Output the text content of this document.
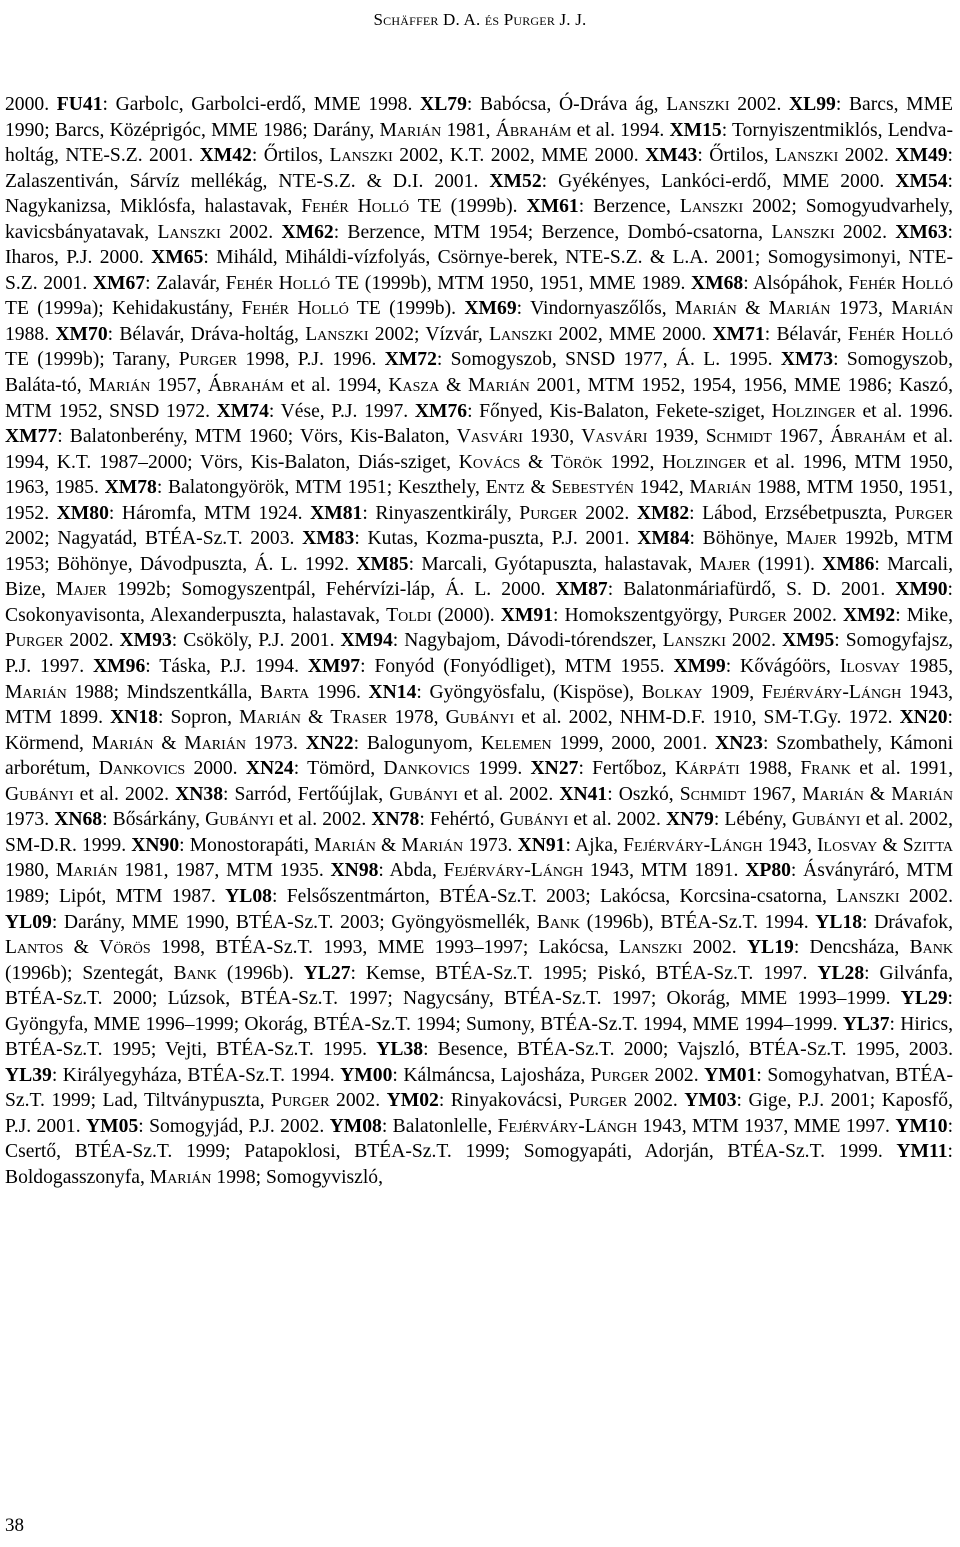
Schäffer D. A. és Purger J. J.
2000. FU41: Garbolc, Garbolci-erdő, MME 1998. XL79: Babócsa, Ó-Dráva ág, Lanszki 2002. XL99: Barcs, MME 1990; Barcs, Középrigóc, MME 1986; Darány, Marián 1981, Ábrahám et al. 1994. XM15: Tornyiszentmiklós, Lendva-holtág, NTE-S.Z. 2001. XM42: Őrtilos, Lanszki 2002, K.T. 2002, MME 2000. XM43: Őrtilos, Lanszki 2002. XM49: Zalaszentiván, Sárvíz mellékág, NTE-S.Z. & D.I. 2001. XM52: Gyékényes, Lankóci-erdő, MME 2000. XM54: Nagykanizsa, Miklósfa, halastavak, Fehér Holló TE (1999b). XM61: Berzence, Lanszki 2002; Somogyudvarhely, kavicsbányatavak, Lanszki 2002. XM62: Berzence, MTM 1954; Berzence, Dombó-csatorna, Lanszki 2002. XM63: Iharos, P.J. 2000. XM65: Miháld, Miháldi-vízfolyás, Csörnye-berek, NTE-S.Z. & L.A. 2001; Somogysimonyi, NTE-S.Z. 2001. XM67: Zalavár, Fehér Holló TE (1999b), MTM 1950, 1951, MME 1989. XM68: Alsópáhok, Fehér Holló TE (1999a); Kehidakustány, Fehér Holló TE (1999b). XM69: Vindornyaszőlős, Marián & Marián 1973, Marián 1988. XM70: Bélavár, Dráva-holtág, Lanszki 2002; Vízvár, Lanszki 2002, MME 2000. XM71: Bélavár, Fehér Holló TE (1999b); Tarany, Purger 1998, P.J. 1996. XM72: Somogyszob, SNSD 1977, Á. L. 1995. XM73: Somogyszob, Baláta-tó, Marián 1957, Ábrahám et al. 1994, Kasza & Marián 2001, MTM 1952, 1954, 1956, MME 1986; Kaszó, MTM 1952, SNSD 1972. XM74: Vése, P.J. 1997. XM76: Főnyed, Kis-Balaton, Fekete-sziget, Holzinger et al. 1996. XM77: Balatonberény, MTM 1960; Vörs, Kis-Balaton, Vasvári 1930, Vasvári 1939, Schmidt 1967, Ábrahám et al. 1994, K.T. 1987–2000; Vörs, Kis-Balaton, Diás-sziget, Kovács & Török 1992, Holzinger et al. 1996, MTM 1950, 1963, 1985. XM78: Balatongyörök, MTM 1951; Keszthely, Entz & Sebestyén 1942, Marián 1988, MTM 1950, 1951, 1952. XM80: Háromfa, MTM 1924. XM81: Rinyaszentkirály, Purger 2002. XM82: Lábod, Erzsébetpuszta, Purger 2002; Nagyatád, BTÉA-Sz.T. 2003. XM83: Kutas, Kozma-puszta, P.J. 2001. XM84: Böhönye, Majer 1992b, MTM 1953; Böhönye, Dávodpuszta, Á. L. 1992. XM85: Marcali, Gyótapuszta, halastavak, Majer (1991). XM86: Marcali, Bize, Majer 1992b; Somogyszentpál, Fehérvízi-láp, Á. L. 2000. XM87: Balatonmáriafürdő, S. D. 2001. XM90: Csokonyavisonta, Alexanderpuszta, halastavak, Toldi (2000). XM91: Homokszentgyörgy, Purger 2002. XM92: Mike, Purger 2002. XM93: Csököly, P.J. 2001. XM94: Nagybajom, Dávodi-tórendszer, Lanszki 2002. XM95: Somogyfajsz, P.J. 1997. XM96: Táska, P.J. 1994. XM97: Fonyód (Fonyódliget), MTM 1955. XM99: Kővágóörs, Ilosvay 1985, Marián 1988; Mindszentkálla, Barta 1996. XN14: Gyöngyösfalu, (Kispöse), Bolkay 1909, Fejérváry-Lángh 1943, MTM 1899. XN18: Sopron, Marián & Traser 1978, Gubányi et al. 2002, NHM-D.F. 1910, SM-T.Gy. 1972. XN20: Körmend, Marián & Marián 1973. XN22: Balogunyom, Kelemen 1999, 2000, 2001. XN23: Szombathely, Kámoni arborétum, Dankovics 2000. XN24: Tömörd, Dankovics 1999. XN27: Fertőboz, Kárpáti 1988, Frank et al. 1991, Gubányi et al. 2002. XN38: Sarród, Fertőújlak, Gubányi et al. 2002. XN41: Oszkó, Schmidt 1967, Marián & Marián 1973. XN68: Bősárkány, Gubányi et al. 2002. XN78: Fehértó, Gubányi et al. 2002. XN79: Lébény, Gubányi et al. 2002, SM-D.R. 1999. XN90: Monostorapáti, Marián & Marián 1973. XN91: Ajka, Fejérváry-Lángh 1943, Ilosvay & Szitta 1980, Marián 1981, 1987, MTM 1935. XN98: Abda, Fejérváry-Lángh 1943, MTM 1891. XP80: Ásványráró, MTM 1989; Lipót, MTM 1987. YL08: Felsőszentmárton, BTÉA-Sz.T. 2003; Lakócsa, Korcsina-csatorna, Lanszki 2002. YL09: Darány, MME 1990, BTÉA-Sz.T. 2003; Gyöngyösmellék, Bank (1996b), BTÉA-Sz.T. 1994. YL18: Drávafok, Lantos & Vörös 1998, BTÉA-Sz.T. 1993, MME 1993–1997; Lakócsa, Lanszki 2002. YL19: Dencsháza, Bank (1996b); Szentegát, Bank (1996b). YL27: Kemse, BTÉA-Sz.T. 1995; Piskó, BTÉA-Sz.T. 1997. YL28: Gilvánfa, BTÉA-Sz.T. 2000; Lúzsok, BTÉA-Sz.T. 1997; Nagycsány, BTÉA-Sz.T. 1997; Okorág, MME 1993–1999. YL29: Gyöngyfa, MME 1996–1999; Okorág, BTÉA-Sz.T. 1994; Sumony, BTÉA-Sz.T. 1994, MME 1994–1999. YL37: Hirics, BTÉA-Sz.T. 1995; Vejti, BTÉA-Sz.T. 1995. YL38: Besence, BTÉA-Sz.T. 2000; Vajszló, BTÉA-Sz.T. 1995, 2003. YL39: Királyegyháza, BTÉA-Sz.T. 1994. YM00: Kálmáncsa, Lajosháza, Purger 2002. YM01: Somogyhatvan, BTÉA-Sz.T. 1999; Lad, Tiltványpuszta, Purger 2002. YM02: Rinyakovácsi, Purger 2002. YM03: Gige, P.J. 2001; Kaposfő, P.J. 2001. YM05: Somogyjád, P.J. 2002. YM08: Balatonlelle, Fejérváry-Lángh 1943, MTM 1937, MME 1997. YM10: Csertő, BTÉA-Sz.T. 1999; Patapoklosi, BTÉA-Sz.T. 1999; Somogyapáti, Adorján, BTÉA-Sz.T. 1999. YM11: Boldogasszonyfa, Marián 1998; Somogyviszló,
38
